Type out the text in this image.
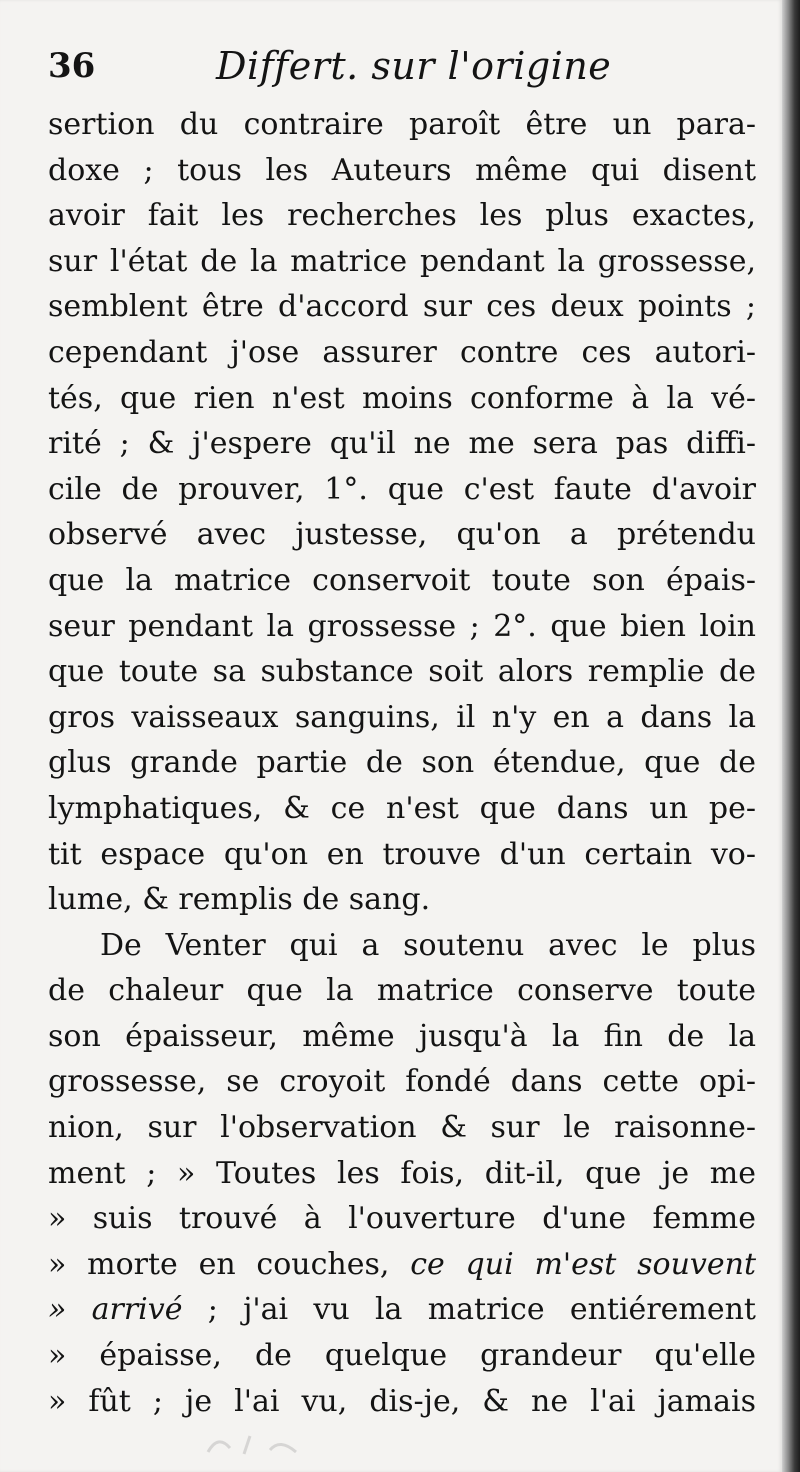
36	Differt. sur l'origine
sertion du contraire paroît être un para-
doxe ; tous les Auteurs même qui disent
avoir fait les recherches les plus exactes,
sur l'état de la matrice pendant la grossesse,
semblent être d'accord sur ces deux points ;
cependant j'ose assurer contre ces autori-
tés, que rien n'est moins conforme à la vé-
rité ; & j'espere qu'il ne me sera pas diffi-
cile de prouver, 1°. que c'est faute d'avoir
observé avec justesse, qu'on a prétendu
que la matrice conservoit toute son épais-
seur pendant la grossesse ; 2°. que bien loin
que toute sa substance soit alors remplie de
gros vaisseaux sanguins, il n'y en a dans la
glus grande partie de son étendue, que de
lymphatiques, & ce n'est que dans un pe-
tit espace qu'on en trouve d'un certain vo-
lume, & remplis de sang.
De Venter qui a soutenu avec le plus
de chaleur que la matrice conserve toute
son épaisseur, même jusqu'à la fin de la
grossesse, se croyoit fondé dans cette opi-
nion, sur l'observation & sur le raisonne-
ment ; » Toutes les fois, dit-il, que je me
» suis trouvé à l'ouverture d'une femme
» morte en couches, ce qui m'est souvent
» arrivé ; j'ai vu la matrice entiérement
» épaisse, de quelque grandeur qu'elle
» fût ; je l'ai vu, dis-je, & ne l'ai jamais
